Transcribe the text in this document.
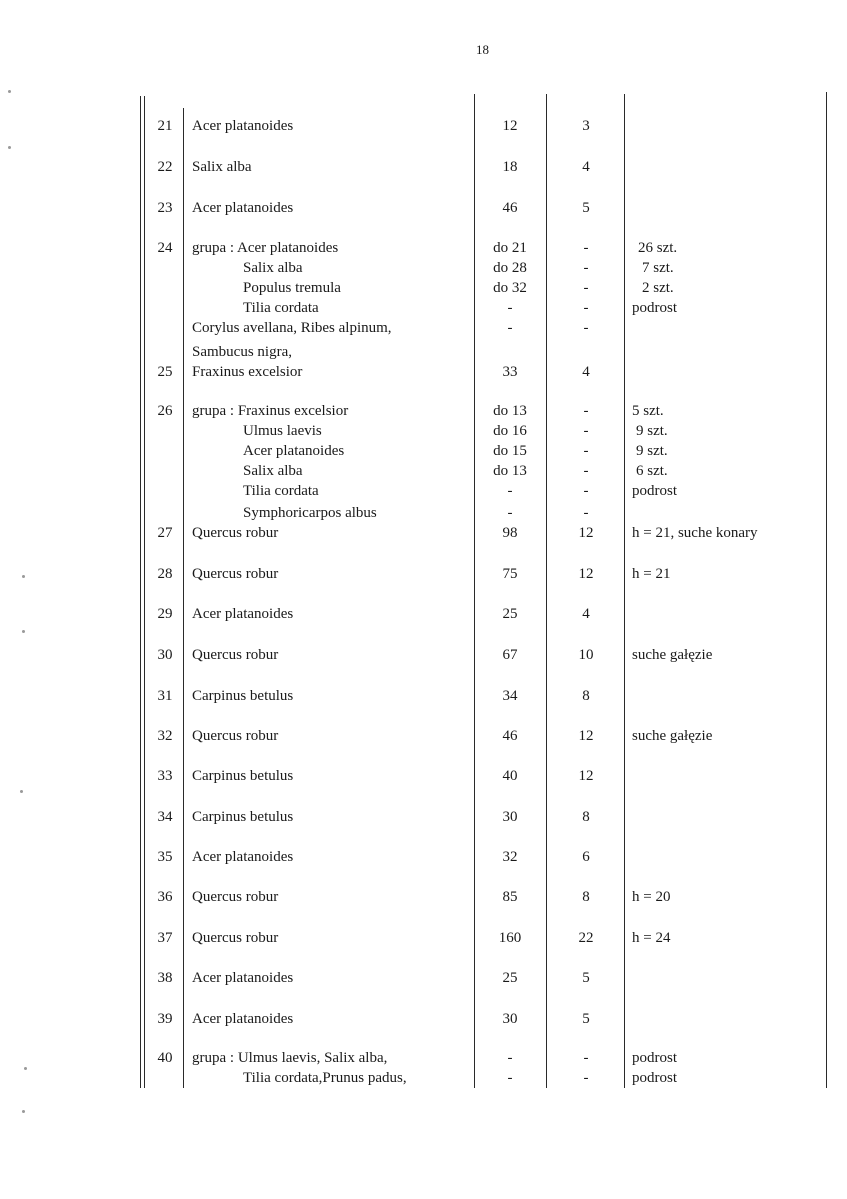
18
21	Acer platanoides	12	3
22	Salix alba	18	4
23	Acer platanoides	46	5
24	grupa : Acer platanoides	do 21	-	26 szt.
Salix alba	do 28	-	7 szt.
Populus tremula	do 32	-	2 szt.
Tilia cordata	-	-	podrost
Corylus avellana, Ribes alpinum,	-	-
Sambucus nigra,
25	Fraxinus excelsior	33	4
26	grupa : Fraxinus excelsior	do 13	-	5 szt.
Ulmus laevis	do 16	-	9 szt.
Acer platanoides	do 15	-	9 szt.
Salix alba	do 13	-	6 szt.
Tilia cordata	-	-	podrost
Symphoricarpos albus	-	-
27	Quercus robur	98	12	h = 21, suche konary
28	Quercus robur	75	12	h = 21
29	Acer platanoides	25	4
30	Quercus robur	67	10	suche gałęzie
31	Carpinus betulus	34	8
32	Quercus robur	46	12	suche gałęzie
33	Carpinus betulus	40	12
34	Carpinus betulus	30	8
35	Acer platanoides	32	6
36	Quercus robur	85	8	h = 20
37	Quercus robur	160	22	h = 24
38	Acer platanoides	25	5
39	Acer platanoides	30	5
40	grupa : Ulmus laevis, Salix alba,	-	-	podrost
Tilia cordata,Prunus padus,	-	-	podrost
